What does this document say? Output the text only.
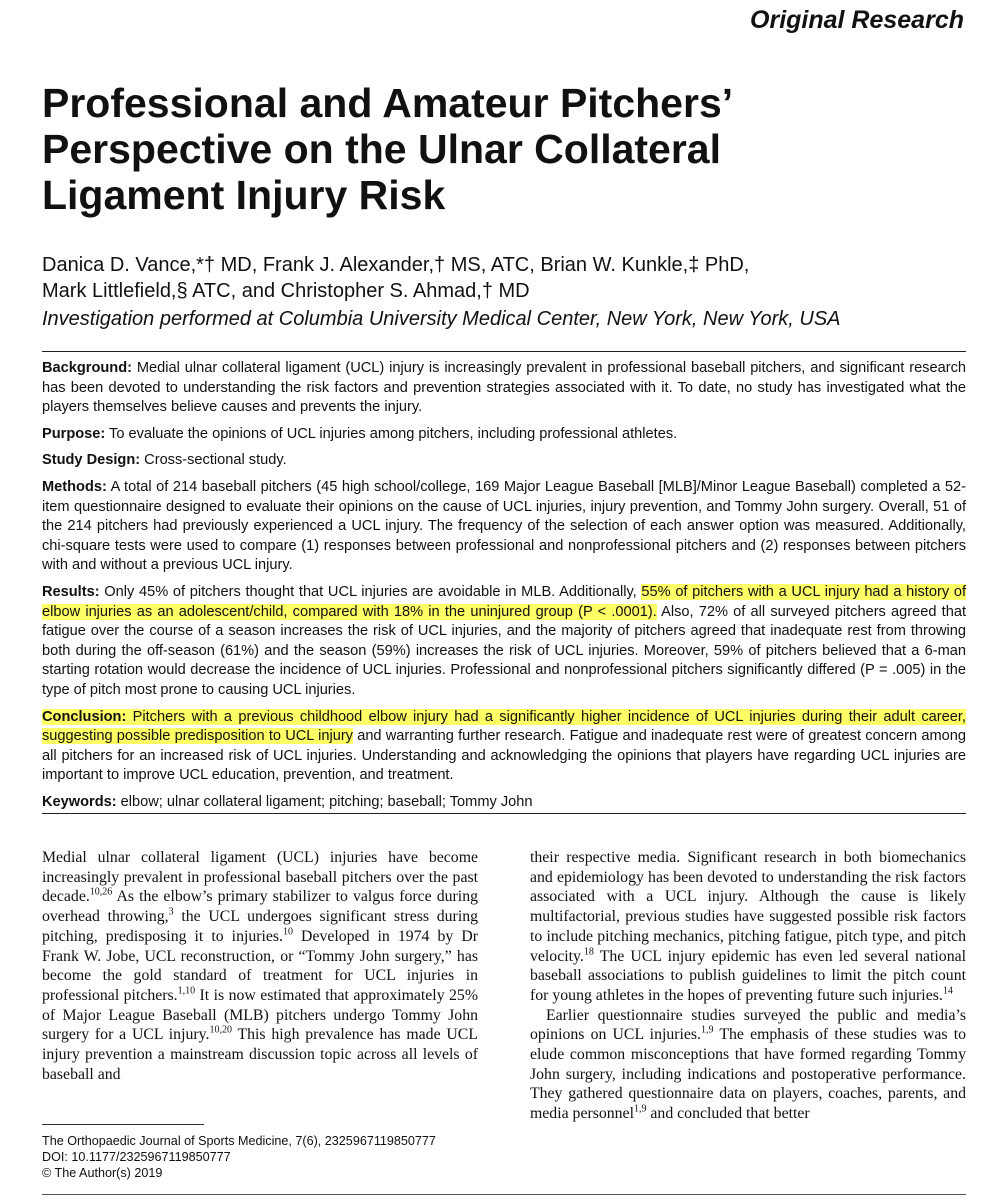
Original Research
Professional and Amateur Pitchers’
Perspective on the Ulnar Collateral
Ligament Injury Risk
Danica D. Vance,*† MD, Frank J. Alexander,† MS, ATC, Brian W. Kunkle,‡ PhD,
Mark Littlefield,§ ATC, and Christopher S. Ahmad,† MD
Investigation performed at Columbia University Medical Center, New York, New York, USA

Background: Medial ulnar collateral ligament (UCL) injury is increasingly prevalent in professional baseball pitchers, and significant research has been devoted to understanding the risk factors and prevention strategies associated with it. To date, no study has investigated what the players themselves believe causes and prevents the injury.

Purpose: To evaluate the opinions of UCL injuries among pitchers, including professional athletes.

Study Design: Cross-sectional study.

Methods: A total of 214 baseball pitchers (45 high school/college, 169 Major League Baseball [MLB]/Minor League Baseball) completed a 52-item questionnaire designed to evaluate their opinions on the cause of UCL injuries, injury prevention, and Tommy John surgery. Overall, 51 of the 214 pitchers had previously experienced a UCL injury. The frequency of the selection of each answer option was measured. Additionally, chi-square tests were used to compare (1) responses between professional and nonprofessional pitchers and (2) responses between pitchers with and without a previous UCL injury.

Results: Only 45% of pitchers thought that UCL injuries are avoidable in MLB. Additionally, 55% of pitchers with a UCL injury had a history of elbow injuries as an adolescent/child, compared with 18% in the uninjured group (P < .0001). Also, 72% of all surveyed pitchers agreed that fatigue over the course of a season increases the risk of UCL injuries, and the majority of pitchers agreed that inadequate rest from throwing both during the off-season (61%) and the season (59%) increases the risk of UCL injuries. Moreover, 59% of pitchers believed that a 6-man starting rotation would decrease the incidence of UCL injuries. Professional and nonprofessional pitchers significantly differed (P = .005) in the type of pitch most prone to causing UCL injuries.

Conclusion: Pitchers with a previous childhood elbow injury had a significantly higher incidence of UCL injuries during their adult career, suggesting possible predisposition to UCL injury and warranting further research. Fatigue and inadequate rest were of greatest concern among all pitchers for an increased risk of UCL injuries. Understanding and acknowledging the opinions that players have regarding UCL injuries are important to improve UCL education, prevention, and treatment.

Keywords: elbow; ulnar collateral ligament; pitching; baseball; Tommy John

Medial ulnar collateral ligament (UCL) injuries have become increasingly prevalent in professional baseball pitchers over the past decade.$^{10,26}$ As the elbow’s primary stabilizer to valgus force during overhead throwing,$^3$ the UCL undergoes significant stress during pitching, predisposing it to injuries.$^{10}$ Developed in 1974 by Dr Frank W. Jobe, UCL reconstruction, or “Tommy John surgery,” has become the gold standard of treatment for UCL injuries in professional pitchers.$^{1,10}$ It is now estimated that approximately 25% of Major League Baseball (MLB) pitchers undergo Tommy John surgery for a UCL injury.$^{10,20}$ This high prevalence has made UCL injury prevention a mainstream discussion topic across all levels of baseball and

their respective media. Significant research in both biomechanics and epidemiology has been devoted to understanding the risk factors associated with a UCL injury. Although the cause is likely multifactorial, previous studies have suggested possible risk factors to include pitching mechanics, pitching fatigue, pitch type, and pitch velocity.$^{18}$ The UCL injury epidemic has even led several national baseball associations to publish guidelines to limit the pitch count for young athletes in the hopes of preventing future such injuries.$^{14}$

Earlier questionnaire studies surveyed the public and media’s opinions on UCL injuries.$^{1,9}$ The emphasis of these studies was to elude common misconceptions that have formed regarding Tommy John surgery, including indications and postoperative performance. They gathered questionnaire data on players, coaches, parents, and media personnel$^{1,9}$ and concluded that better

The Orthopaedic Journal of Sports Medicine, 7(6), 2325967119850777
DOI: 10.1177/2325967119850777
© The Author(s) 2019
